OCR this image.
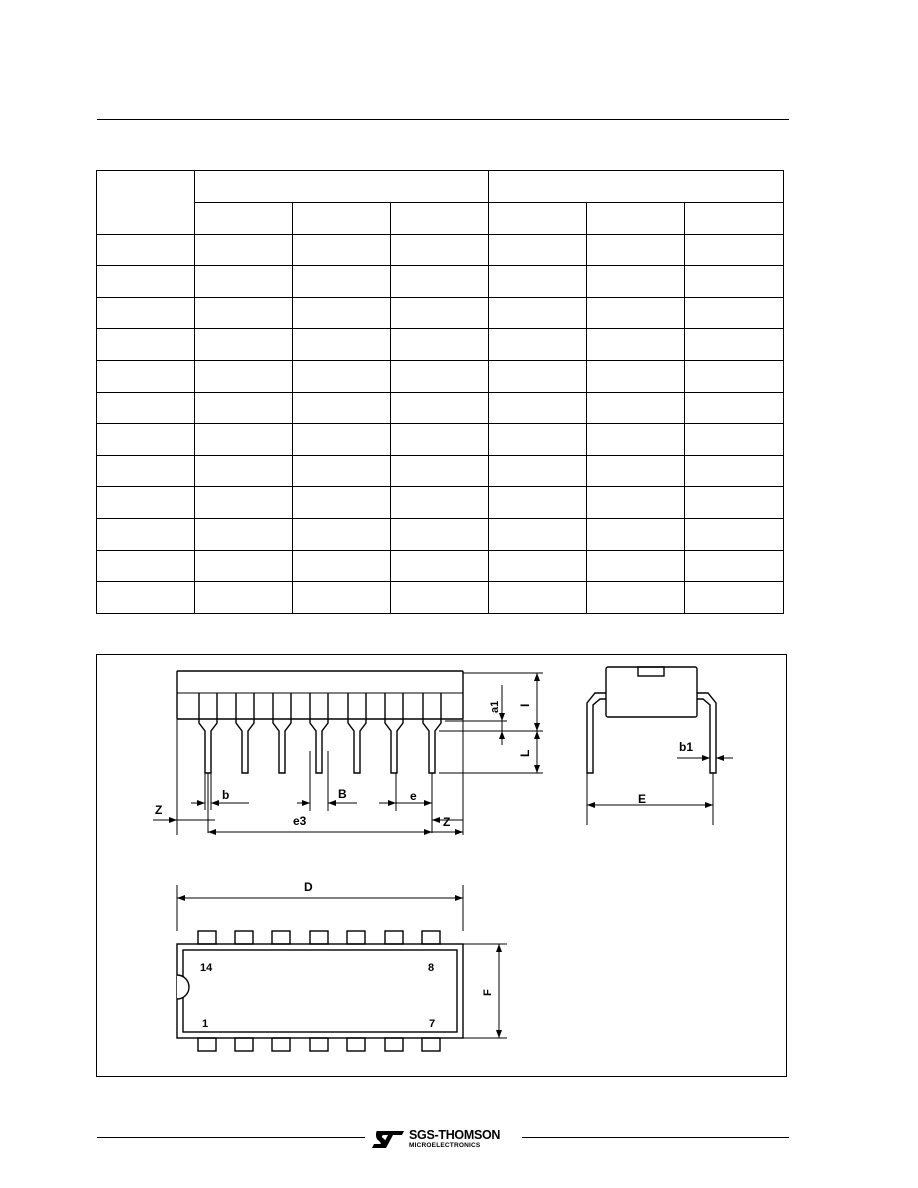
a1 I
L	b1
Z
b	B	e
e3	Z
E
D
F
14	8
1	7
SGS-THOMSON
MICROELECTRONICS
